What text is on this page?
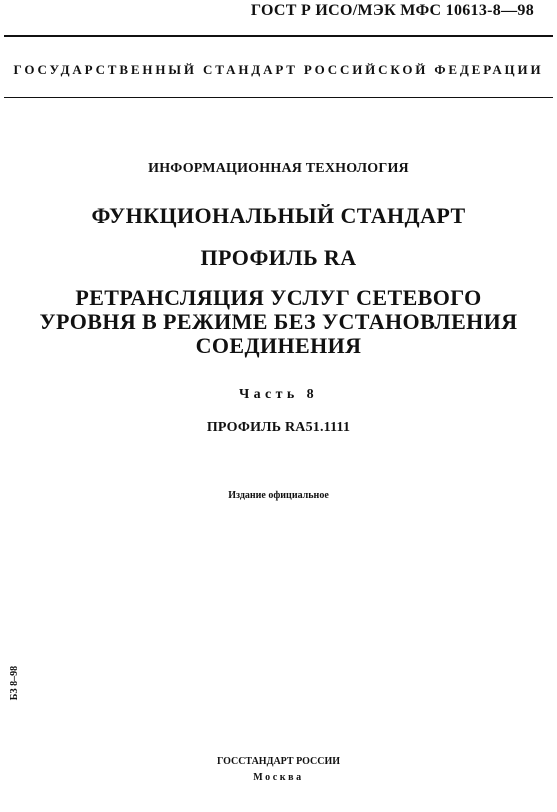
ГОСТ Р ИСО/МЭК МФС 10613-8—98
ГОСУДАРСТВЕННЫЙ СТАНДАРТ РОССИЙСКОЙ ФЕДЕРАЦИИ
ИНФОРМАЦИОННАЯ ТЕХНОЛОГИЯ
ФУНКЦИОНАЛЬНЫЙ СТАНДАРТ
ПРОФИЛЬ RA
РЕТРАНСЛЯЦИЯ УСЛУГ СЕТЕВОГО
УРОВНЯ В РЕЖИМЕ БЕЗ УСТАНОВЛЕНИЯ
СОЕДИНЕНИЯ
Часть 8
ПРОФИЛЬ RA51.1111
Издание официальное
БЗ 8–98
ГОССТАНДАРТ РОССИИ
Москва
